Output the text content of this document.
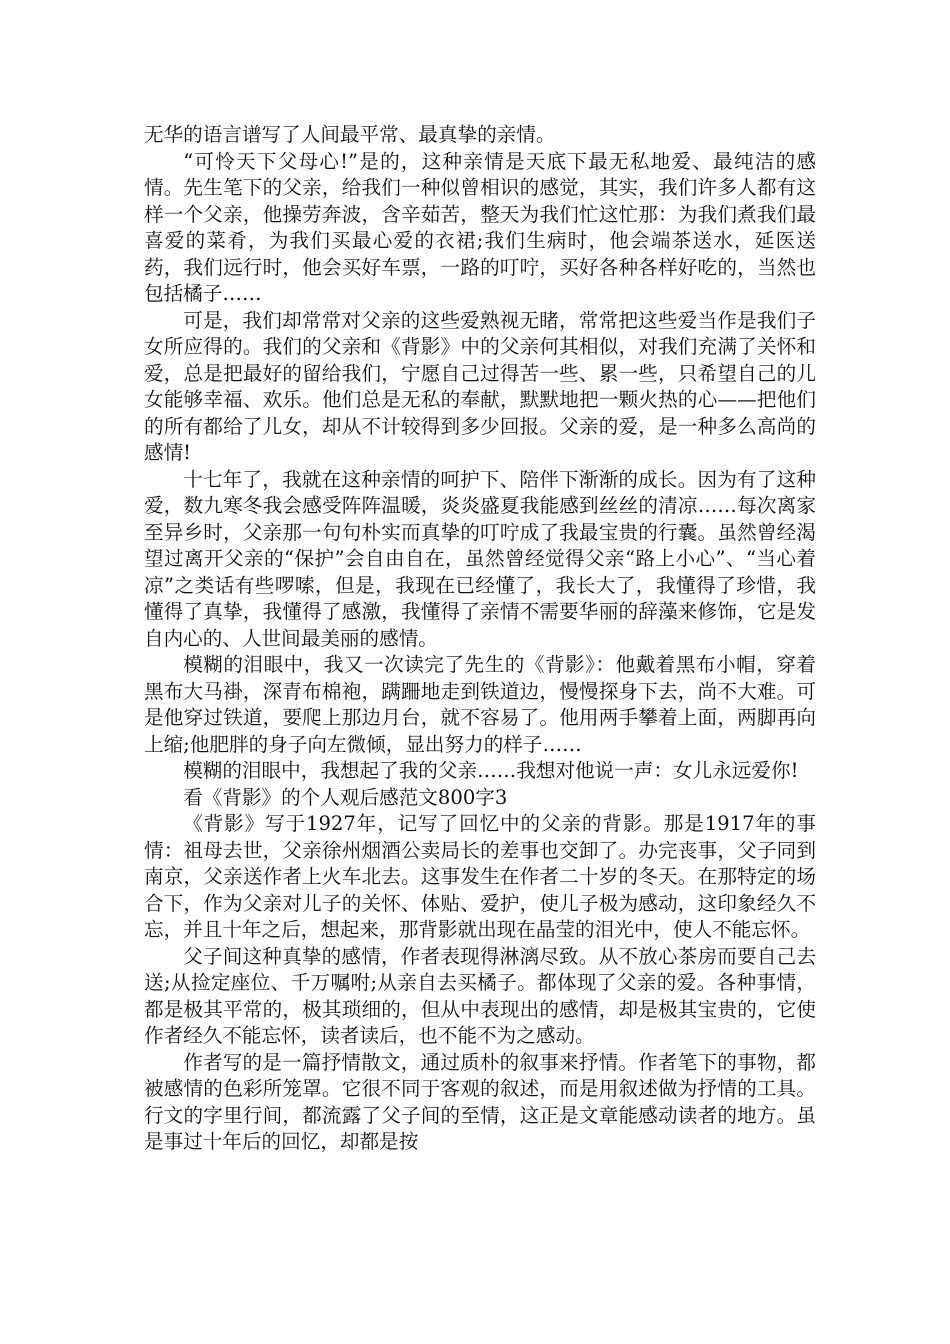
无华的语言谱写了人间最平常、最真挚的亲情。

“可怜天下父母心!”是的，这种亲情是天底下最无私地爱、最纯洁的感情。先生笔下的父亲，给我们一种似曾相识的感觉，其实，我们许多人都有这样一个父亲，他操劳奔波，含辛茹苦，整天为我们忙这忙那：为我们煮我们最喜爱的菜肴，为我们买最心爱的衣裙;我们生病时，他会端茶送水，延医送药，我们远行时，他会买好车票，一路的叮咛，买好各种各样好吃的，当然也包括橘子……

可是，我们却常常对父亲的这些爱熟视无睹，常常把这些爱当作是我们子女所应得的。我们的父亲和《背影》中的父亲何其相似，对我们充满了关怀和爱，总是把最好的留给我们，宁愿自己过得苦一些、累一些，只希望自己的儿女能够幸福、欢乐。他们总是无私的奉献，默默地把一颗火热的心——把他们的所有都给了儿女，却从不计较得到多少回报。父亲的爱，是一种多么高尚的感情!

十七年了，我就在这种亲情的呵护下、陪伴下渐渐的成长。因为有了这种爱，数九寒冬我会感受阵阵温暖，炎炎盛夏我能感到丝丝的清凉……每次离家至异乡时，父亲那一句句朴实而真挚的叮咛成了我最宝贵的行囊。虽然曾经渴望过离开父亲的“保护”会自由自在，虽然曾经觉得父亲“路上小心”、“当心着凉”之类话有些啰嗦，但是，我现在已经懂了，我长大了，我懂得了珍惜，我懂得了真挚，我懂得了感激，我懂得了亲情不需要华丽的辞藻来修饰，它是发自内心的、人世间最美丽的感情。

模糊的泪眼中，我又一次读完了先生的《背影》：他戴着黑布小帽，穿着黑布大马褂，深青布棉袍，蹒跚地走到铁道边，慢慢探身下去，尚不大难。可是他穿过铁道，要爬上那边月台，就不容易了。他用两手攀着上面，两脚再向上缩;他肥胖的身子向左微倾，显出努力的样子……

模糊的泪眼中，我想起了我的父亲……我想对他说一声：女儿永远爱你!

看《背影》的个人观后感范文800字3

《背影》写于1927年，记写了回忆中的父亲的背影。那是1917年的事情：祖母去世，父亲徐州烟酒公卖局长的差事也交卸了。办完丧事，父子同到南京，父亲送作者上火车北去。这事发生在作者二十岁的冬天。在那特定的场合下，作为父亲对儿子的关怀、体贴、爱护，使儿子极为感动，这印象经久不忘，并且十年之后，想起来，那背影就出现在晶莹的泪光中，使人不能忘怀。

父子间这种真挚的感情，作者表现得淋漓尽致。从不放心茶房而要自己去送;从捡定座位、千万嘱咐;从亲自去买橘子。都体现了父亲的爱。各种事情，都是极其平常的，极其琐细的，但从中表现出的感情，却是极其宝贵的，它使作者经久不能忘怀，读者读后，也不能不为之感动。

作者写的是一篇抒情散文，通过质朴的叙事来抒情。作者笔下的事物，都被感情的色彩所笼罩。它很不同于客观的叙述，而是用叙述做为抒情的工具。行文的字里行间，都流露了父子间的至情，这正是文章能感动读者的地方。虽是事过十年后的回忆，却都是按
